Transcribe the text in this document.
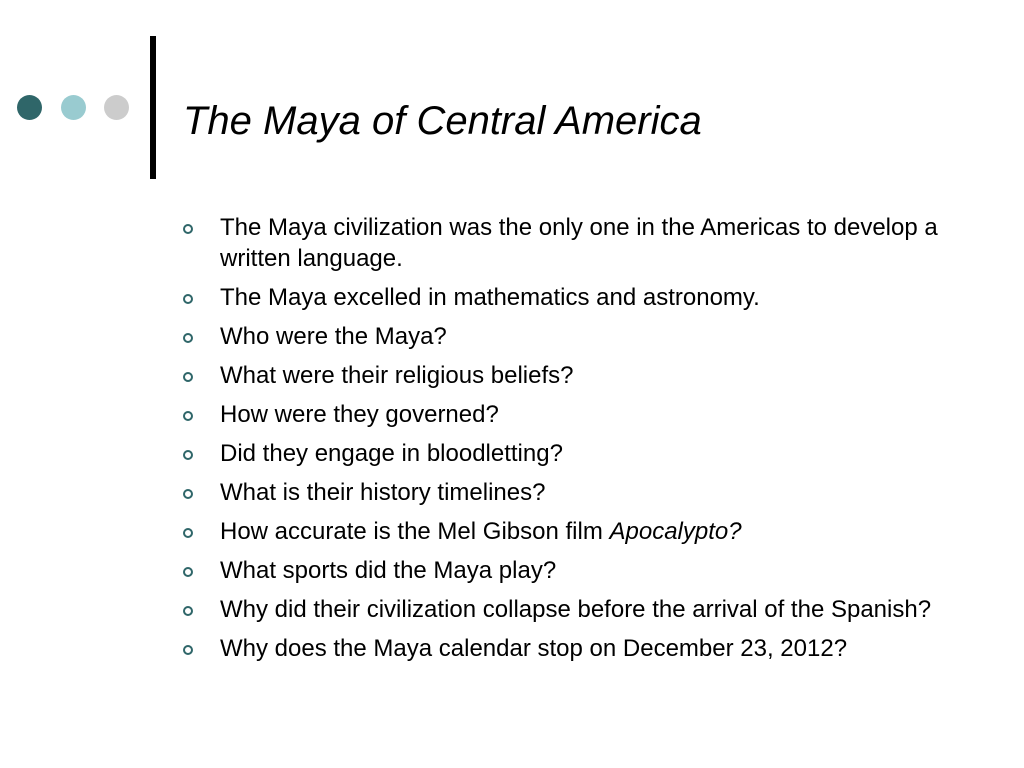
The Maya of Central America
The Maya civilization was the only one in the Americas to develop a written language.
The Maya excelled in mathematics and astronomy.
Who were the Maya?
What were their religious beliefs?
How were they governed?
Did they engage in bloodletting?
What is their history timelines?
How accurate is the Mel Gibson film Apocalypto?
What sports did the Maya play?
Why did their civilization collapse before the arrival of the Spanish?
Why does the Maya calendar stop on December 23, 2012?
